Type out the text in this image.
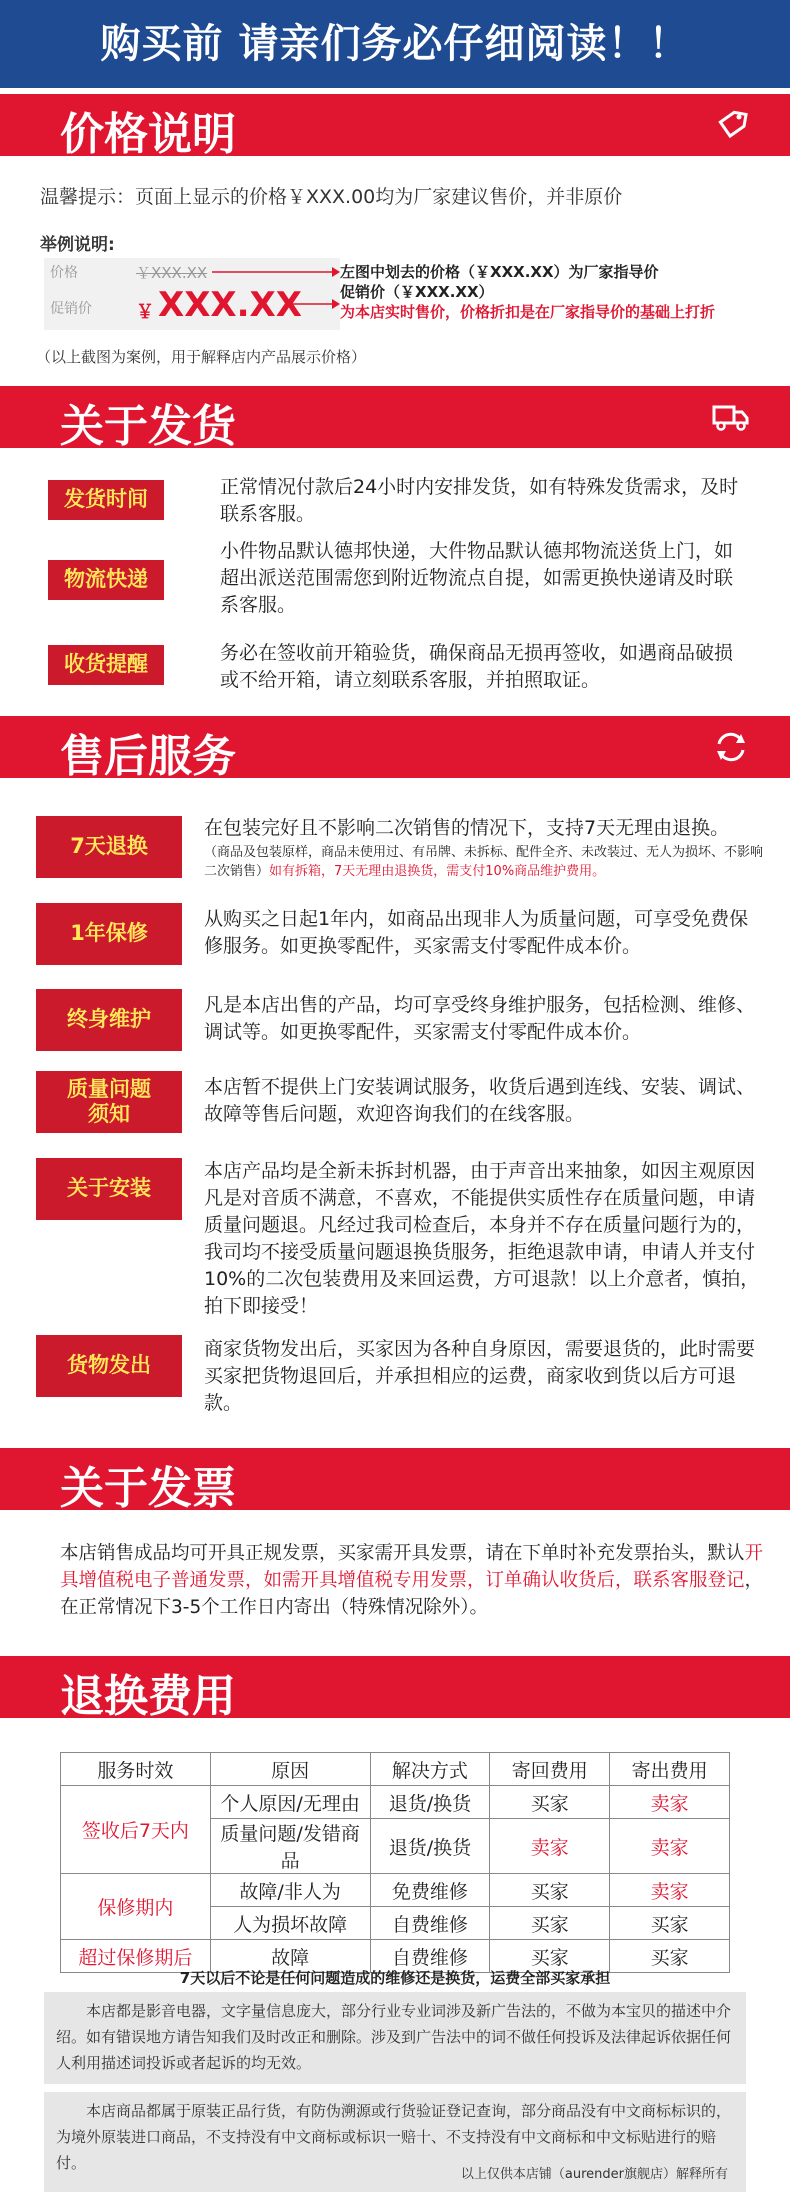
购买前 请亲们务必仔细阅读！！
价格说明
温馨提示：页面上显示的价格￥XXX.00均为厂家建议售价，并非原价
举例说明:
价格	￥XXX.XX
促销价 ￥ XXX.XX
左图中划去的价格（￥XXX.XX）为厂家指导价
促销价（￥XXX.XX）
为本店实时售价，价格折扣是在厂家指导价的基础上打折
（以上截图为案例，用于解释店内产品展示价格）
关于发货
发货时间
正常情况付款后24小时内安排发货，如有特殊发货需求，及时联系客服。
物流快递
小件物品默认德邦快递，大件物品默认德邦物流送货上门，如超出派送范围需您到附近物流点自提，如需更换快递请及时联系客服。
收货提醒	务必在签收前开箱验货，确保商品无损再签收，如遇商品破损或不给开箱，请立刻联系客服，并拍照取证。
售后服务
7天退换
在包装完好且不影响二次销售的情况下，支持7天无理由退换。
（商品及包装原样，商品未使用过、有吊牌、未拆标、配件全齐、未改装过、无人为损坏、不影响二次销售）如有拆箱，7天无理由退换货，需支付10%商品维护费用。
1年保修
从购买之日起1年内，如商品出现非人为质量问题，可享受免费保修服务。如更换零配件，买家需支付零配件成本价。
终身维护
凡是本店出售的产品，均可享受终身维护服务，包括检测、维修、调试等。如更换零配件，买家需支付零配件成本价。
质量问题
须知
本店暂不提供上门安装调试服务，收货后遇到连线、安装、调试、故障等售后问题，欢迎咨询我们的在线客服。
关于安装
本店产品均是全新未拆封机器，由于声音出来抽象，如因主观原因凡是对音质不满意，不喜欢，不能提供实质性存在质量问题，申请质量问题退。凡经过我司检查后，本身并不存在质量问题行为的，我司均不接受质量问题退换货服务，拒绝退款申请，申请人并支付10%的二次包装费用及来回运费，方可退款！以上介意者，慎拍，拍下即接受！
货物发出
商家货物发出后，买家因为各种自身原因，需要退货的，此时需要买家把货物退回后，并承担相应的运费，商家收到货以后方可退款。
关于发票
本店销售成品均可开具正规发票，买家需开具发票，请在下单时补充发票抬头，默认开具增值税电子普通发票，如需开具增值税专用发票，订单确认收货后，联系客服登记，在正常情况下3-5个工作日内寄出（特殊情况除外）。
退换费用
服务时效	原因	解决方式	寄回费用	寄出费用
签收后7天内	个人原因/无理由	退货/换货	买家	卖家
	质量问题/发错商品	退货/换货	卖家	卖家
保修期内	故障/非人为	免费维修	买家	卖家
	人为损坏故障	自费维修	买家	买家
超过保修期后	故障	自费维修	买家	买家
7天以后不论是任何问题造成的维修还是换货，运费全部买家承担
本店都是影音电器，文字量信息庞大，部分行业专业词涉及新广告法的，不做为本宝贝的描述中介绍。如有错误地方请告知我们及时改正和删除。涉及到广告法中的词不做任何投诉及法律起诉依据任何人利用描述词投诉或者起诉的均无效。
本店商品都属于原装正品行货，有防伪溯源或行货验证登记查询，部分商品没有中文商标标识的，为境外原装进口商品，不支持没有中文商标或标识一赔十、不支持没有中文商标和中文标贴进行的赔付。
以上仅供本店铺（aurender旗舰店）解释所有
